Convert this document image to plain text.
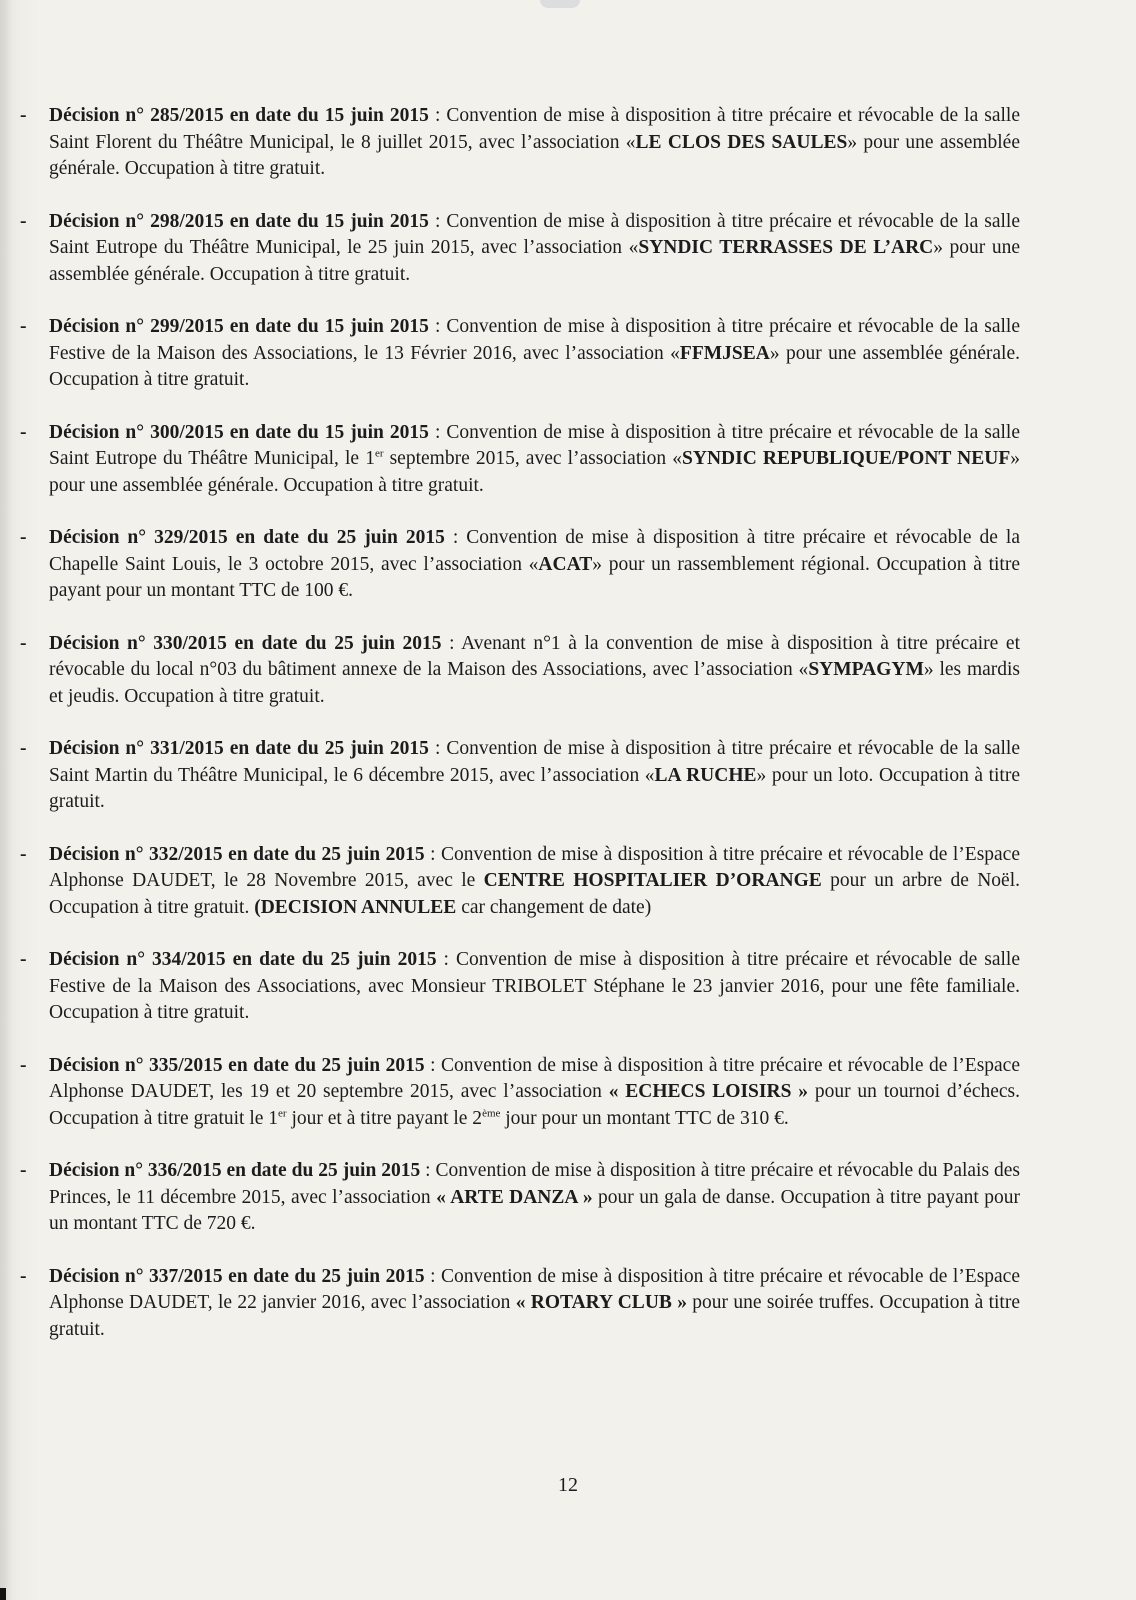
- Décision n° 285/2015 en date du 15 juin 2015 : Convention de mise à disposition à titre précaire et révocable de la salle Saint Florent du Théâtre Municipal, le 8 juillet 2015, avec l’association «LE CLOS DES SAULES» pour une assemblée générale. Occupation à titre gratuit.
- Décision n° 298/2015 en date du 15 juin 2015 : Convention de mise à disposition à titre précaire et révocable de la salle Saint Eutrope du Théâtre Municipal, le 25 juin 2015, avec l’association «SYNDIC TERRASSES DE L’ARC» pour une assemblée générale. Occupation à titre gratuit.
- Décision n° 299/2015 en date du 15 juin 2015 : Convention de mise à disposition à titre précaire et révocable de la salle Festive de la Maison des Associations, le 13 Février 2016, avec l’association «FFMJSEA» pour une assemblée générale. Occupation à titre gratuit.
- Décision n° 300/2015 en date du 15 juin 2015 : Convention de mise à disposition à titre précaire et révocable de la salle Saint Eutrope du Théâtre Municipal, le 1er septembre 2015, avec l’association «SYNDIC REPUBLIQUE/PONT NEUF» pour une assemblée générale. Occupation à titre gratuit.
- Décision n° 329/2015 en date du 25 juin 2015 : Convention de mise à disposition à titre précaire et révocable de la Chapelle Saint Louis, le 3 octobre 2015, avec l’association «ACAT» pour un rassemblement régional. Occupation à titre payant pour un montant TTC de 100 €.
- Décision n° 330/2015 en date du 25 juin 2015 : Avenant n°1 à la convention de mise à disposition à titre précaire et révocable du local n°03 du bâtiment annexe de la Maison des Associations, avec l’association «SYMPAGYM» les mardis et jeudis. Occupation à titre gratuit.
- Décision n° 331/2015 en date du 25 juin 2015 : Convention de mise à disposition à titre précaire et révocable de la salle Saint Martin du Théâtre Municipal, le 6 décembre 2015, avec l’association «LA RUCHE» pour un loto. Occupation à titre gratuit.
- Décision n° 332/2015 en date du 25 juin 2015 : Convention de mise à disposition à titre précaire et révocable de l’Espace Alphonse DAUDET, le 28 Novembre 2015, avec le CENTRE HOSPITALIER D’ORANGE pour un arbre de Noël. Occupation à titre gratuit. (DECISION ANNULEE car changement de date)
- Décision n° 334/2015 en date du 25 juin 2015 : Convention de mise à disposition à titre précaire et révocable de salle Festive de la Maison des Associations, avec Monsieur TRIBOLET Stéphane le 23 janvier 2016, pour une fête familiale. Occupation à titre gratuit.
- Décision n° 335/2015 en date du 25 juin 2015 : Convention de mise à disposition à titre précaire et révocable de l’Espace Alphonse DAUDET, les 19 et 20 septembre 2015, avec l’association « ECHECS LOISIRS » pour un tournoi d’échecs. Occupation à titre gratuit le 1er jour et à titre payant le 2ème jour pour un montant TTC de 310 €.
- Décision n° 336/2015 en date du 25 juin 2015 : Convention de mise à disposition à titre précaire et révocable du Palais des Princes, le 11 décembre 2015, avec l’association « ARTE DANZA » pour un gala de danse. Occupation à titre payant pour un montant TTC de 720 €.
- Décision n° 337/2015 en date du 25 juin 2015 : Convention de mise à disposition à titre précaire et révocable de l’Espace Alphonse DAUDET, le 22 janvier 2016, avec l’association « ROTARY CLUB » pour une soirée truffes. Occupation à titre gratuit.
12
